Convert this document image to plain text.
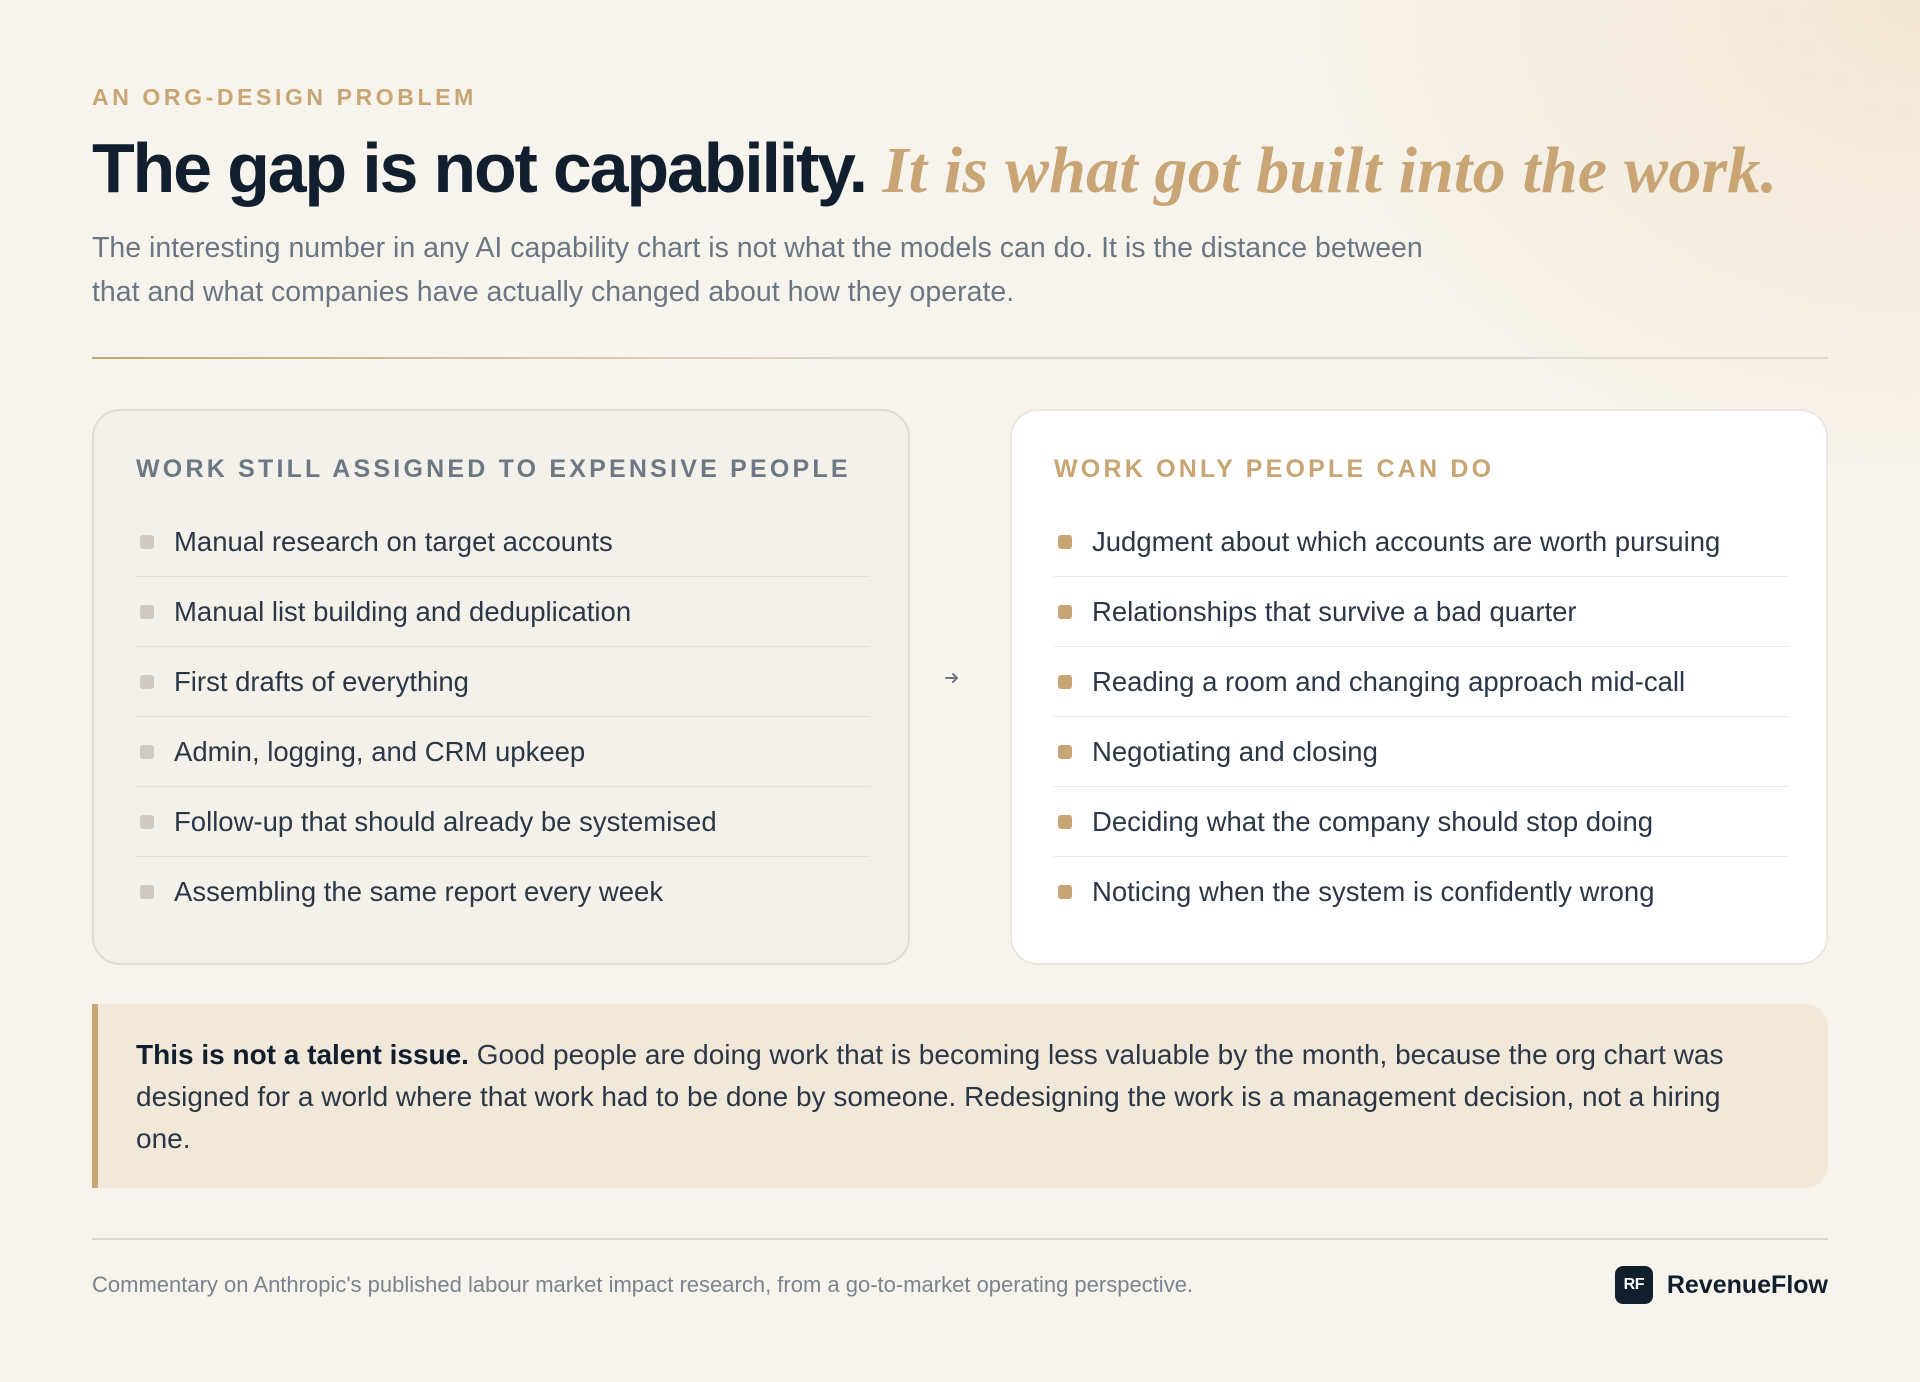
AN ORG-DESIGN PROBLEM
The gap is not capability. It is what got built into the work.

The interesting number in any AI capability chart is not what the models can do. It is the distance between that and what companies have actually changed about how they operate.

WORK STILL ASSIGNED TO EXPENSIVE PEOPLE
Manual research on target accounts
Manual list building and deduplication
First drafts of everything
Admin, logging, and CRM upkeep
Follow-up that should already be systemised
Assembling the same report every week
WORK ONLY PEOPLE CAN DO
Judgment about which accounts are worth pursuing
Relationships that survive a bad quarter
Reading a room and changing approach mid-call
Negotiating and closing
Deciding what the company should stop doing
Noticing when the system is confidently wrong

This is not a talent issue. Good people are doing work that is becoming less valuable by the month, because the org chart was designed for a world where that work had to be done by someone. Redesigning the work is a management decision, not a hiring one.

Commentary on Anthropic's published labour market impact research, from a go-to-market operating perspective.	RF RevenueFlow
